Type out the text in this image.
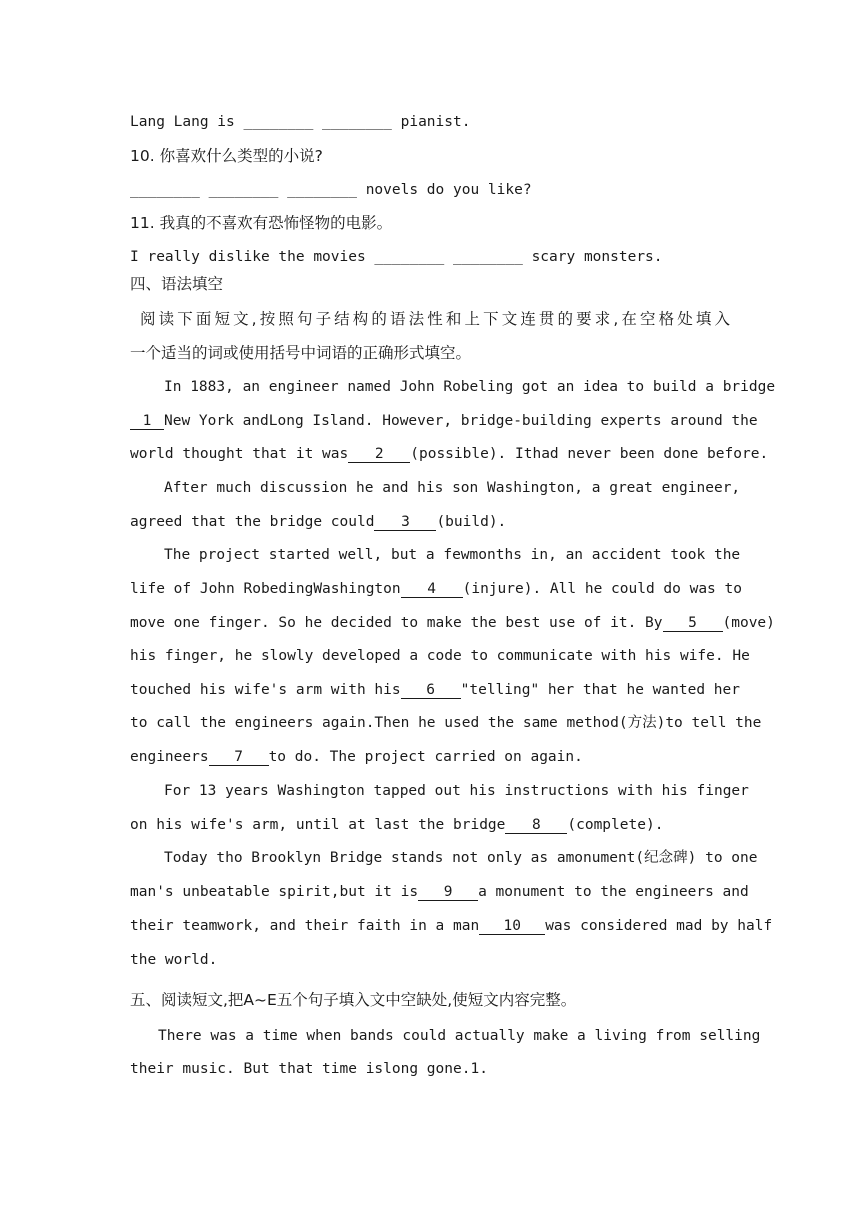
Lang Lang is ________ ________ pianist.
10. 你喜欢什么类型的小说?
________ ________ ________ novels do you like?
11. 我真的不喜欢有恐怖怪物的电影。
I really dislike the movies ________ ________ scary monsters.
四、语法填空
阅读下面短文,按照句子结构的语法性和上下文连贯的要求,在空格处填入
一个适当的词或使用括号中词语的正确形式填空。
In 1883, an engineer named John Robeling got an idea to build a bridge
1 New York andLong Island. However, bridge-building experts around the
world thought that it was 2 (possible). Ithad never been done before.
After much discussion he and his son Washington, a great engineer,
agreed that the bridge could 3 (build).
The project started well, but a fewmonths in, an accident took the
life of John RobedingWashington 4 (injure). All he could do was to
move one finger. So he decided to make the best use of it. By 5 (move)
his finger, he slowly developed a code to communicate with his wife. He
touched his wife's arm with his 6 "telling" her that he wanted her
to call the engineers again.Then he used the same method(方法)to tell the
engineers 7 to do. The project carried on again.
For 13 years Washington tapped out his instructions with his finger
on his wife's arm, until at last the bridge 8 (complete).
Today tho Brooklyn Bridge stands not only as amonument(纪念碑) to one
man's unbeatable spirit,but it is 9 a monument to the engineers and
their teamwork, and their faith in a man 10 was considered mad by half
the world.
五、阅读短文,把A~E五个句子填入文中空缺处,使短文内容完整。
There was a time when bands could actually make a living from selling
their music. But that time islong gone.1.
